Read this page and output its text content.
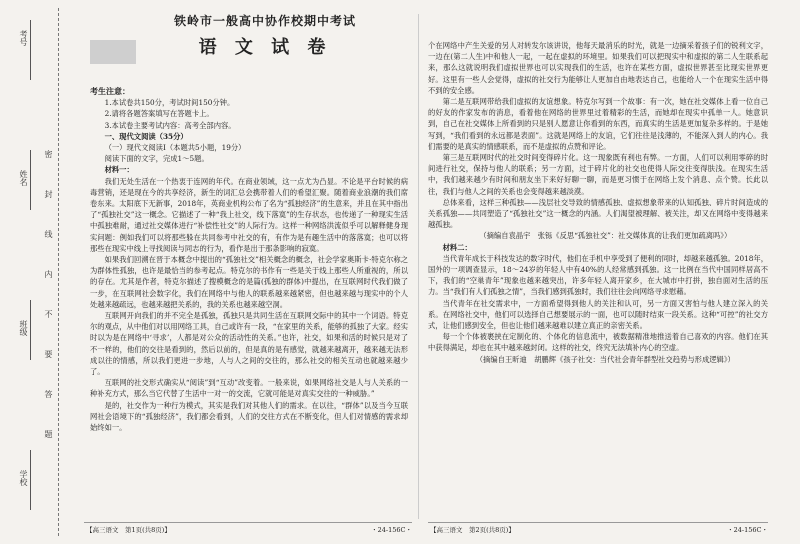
考号
姓名
班级
学校
密
封
线
内
不
要
答
题
铁岭市一般高中协作校期中考试
语 文 试 卷

考生注意：

1.本试卷共150分，考试时间150分钟。

2.请将各题答案填写在答题卡上。

3.本试卷主要考试内容：高考全部内容。

一、现代文阅读（35分）

（一）现代文阅读Ⅰ（本题共5小题，19分）

阅读下面的文字，完成1～5题。

材料一：

我们无处生活在一个热衷于连网的年代。在商业领域，这一点尤为凸显。不论是平台时候的病毒营销，还是现在今的共享经济，新生的词汇总会携带着人们的希望汇聚。随着商业浪潮的我们席卷东来。太阳底下无新事，2018年，英商业机构公布了名为“孤独经济”的生意来，并且在其中指出了“孤独社交”这一概念。它描述了一种“我上社交，线下落寞”的生存状态，也传递了一种现实生活中孤独难耐，通过社交媒体进行“补偿性社交”的人际行为。这样一种网络洪流似乎可以解释健身现实问题：例如我们可以将那些躲在共同参考中社交的有，有作为是有趣生活中的落落寞；也可以将那些在现实中线上寻找阅读与同志的行为，看作是出于那条影响的寂寞。

如果我们回溯在晋于本概念中提出的“孤独社交”相关概念的概念，社会学家奥斯卡·特克尔称之为群体性孤独，也许是最恰当的参考起点。特克尔的书作有一些是关于线上那些人所重视的，所以的存在。尤其是作者，特克尔描述了搜模概念的是篇(孤独的群体)中提出，在互联网时代我们做了一步，在互联网社会数字化，我们在网络中与他人的联系越来越紧密，但也越来越与现实中的个人处越来越疏远，也越来越把关系的，我的关系也越来越空洞。

互联网开向我们的并不完全是孤独，孤独只是共同生活在互联网交际中的其中一个词语。特克尔的观点，从中他们对以用网络工具，自己或许有一段，“在家里的关系，能够的孤独了大家。经实时以为是在网络中‘寻求’，人都是对公众的活动性的关系。”也许，社交，如果和活的时候只是对了不一样的，他们的交往是看到的，然后以前的，但是真的是有感觉，就越来越离开，越来越无法形成以往的情感，所以我们更进一步地，人与人之间的交往的，那么社交的相关互动也就越来越少了。

互联网的社交形式确实从“阅读”到“互动”改变着。一般来说，如果网络社交是人与人关系的一种补充方式，那么当它代替了生活中一对一的交流，它就可能是对真实交往的一种威胁。”

是的，社交作为一种行为模式，其实是我们对其他人们的需求。在以往，“群体”以及当今互联网社会语境下的“孤独经济”，我们都会看到，人们的交往方式在不断变化，但人们对情感的需求却始终如一。

个在网络中产生关爱的另人对转发尔该讲说，他每天最消乐的时光，就是一边摘采着孩子们的锐利文字，一边在(第二人生)中和他人一起，一起在虚拟的环境里。如果我们可以把现实中和虚拟的第二人生联系起来，那么这就说明我们虚拟世界也可以实现我们的生活，也许在某些方面，虚拟世界甚至比现实世界更好。这里有一些人会觉得，虚拟的社交行为能够让人更加自由地表达自己，也能给人一个在现实生活中得不到的安全感。

第二是互联网带给我们虚拟的友谊想象。特克尔写到一个故事：有一次，她在社交媒体上看一位自己的好友的作家发布的消息，看着他在网络的世界里过着精彩的生活，而她却在现实中孤单一人。她意识到，自己在社交媒体上所看到的只是别人愿意让你看到的东西，而真实的生活是更加复杂多样的。于是她写到，“我们看到的永远都是表面”。这就是网络上的友谊，它们往往是浅薄的，不能深入到人的内心。我们需要的是真实的情感联系，而不是虚拟的点赞和评论。

第三是互联网时代的社交时间变得碎片化。这一现象既有利也有弊。一方面，人们可以利用零碎的时间进行社交，保持与他人的联系；另一方面，过于碎片化的社交也使得人际交往变得肤浅。在现实生活中，我们越来越少有时间和朋友坐下来好好聊一聊，而是更习惯于在网络上发个消息、点个赞。长此以往，我们与他人之间的关系也会变得越来越淡漠。

总体来看，这样三种孤独——浅层社交导致的情感孤独、虚拟想象带来的认知孤独、碎片时间造成的关系孤独——共同塑造了“孤独社交”这一概念的内涵。人们渴望被理解、被关注，却又在网络中变得越来越孤独。

（摘编自袁晶宇　张铄《反思“孤独社交”：社交媒体真的让我们更加疏离吗》）

材料二：

当代青年成长于科技发达的数字时代，他们在手机中享受到了便利的同时，却越来越孤独。2018年，国外的一项调查显示，18～24岁的年轻人中有40%的人经常感到孤独。这一比例在当代中国同样居高不下，我们的“空巢青年”现象也越来越突出，许多年轻人离开家乡，在大城市中打拼，独自面对生活的压力。当“我们有人们孤独之情”，当我们感到孤独时，我们往往会向网络寻求慰藉。

当代青年在社交需求中，一方面希望得到他人的关注和认可，另一方面又害怕与他人建立深入的关系。在网络社交中，他们可以选择自己想要展示的一面，也可以随时结束一段关系。这种“可控”的社交方式，让他们感到安全，但也让他们越来越难以建立真正的亲密关系。

每一个个体被裹挟在定制化的、个体化的信息流中，被数据精准地推送着自己喜欢的内容。他们在其中获得满足，却也在其中越来越封闭。这样的社交，终究无法填补内心的空虚。

（摘编自王昕迪　胡鹏辉《孩子社交：当代社会青年群型社交趋势与形成逻辑》）

【高三语文　第1页(共8页)】	・24-156C・	【高三语文　第2页(共8页)】	・24-156C・
